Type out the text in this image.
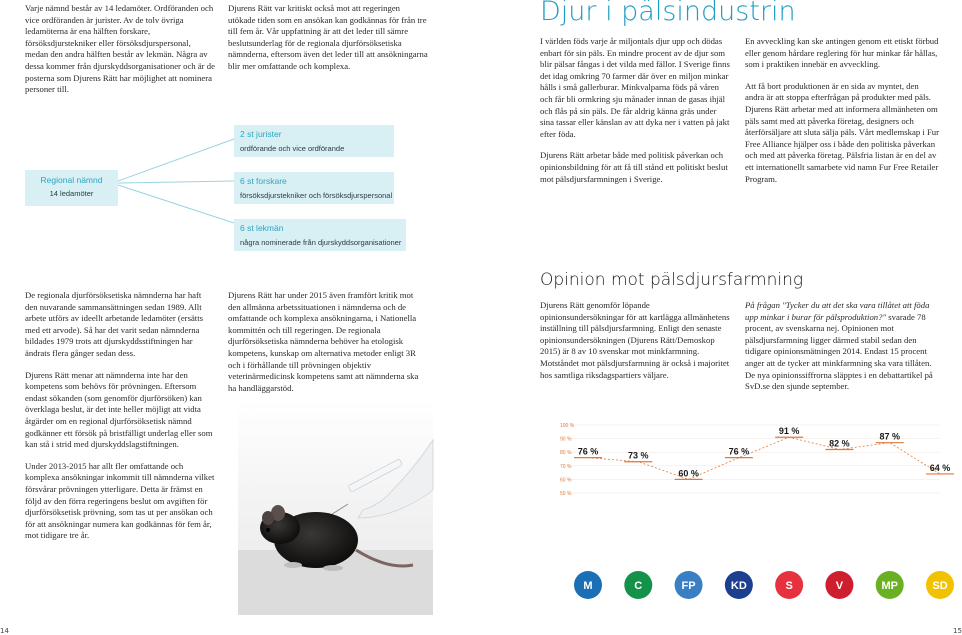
Varje nämnd består av 14 ledamöter. Ordföranden och vice ordföranden är jurister. Av de tolv övriga ledamöterna är ena hälften forskare, försöksdjurstekniker eller försöksdjurspersonal, medan den andra hälften består av lekmän. Några av dessa kommer från djurskyddsorganisationer och är de posterna som Djurens Rätt har möjlighet att nominera personer till.

Djurens Rätt var kritiskt också mot att regeringen utökade tiden som en ansökan kan godkännas för från tre till fem år. Vår uppfattning är att det leder till sämre beslutsunderlag för de regionala djurförsöksetiska nämnderna, eftersom även det leder till att ansökningarna blir mer omfattande och komplexa.

Regional nämnd
14 ledamöter
2 st jurister
ordförande och vice ordförande
6 st forskare
försöksdjurstekniker och försöksdjurspersonal
6 st lekmän
några nominerade från djurskyddsorganisationer

De regionala djurförsöksetiska nämnderna har haft den nuvarande sammansättningen sedan 1989. Allt arbete utförs av ideellt arbetande ledamöter (ersätts med ett arvode). Så har det varit sedan nämnderna bildades 1979 trots att djurskyddsstiftningen har ändrats flera gånger sedan dess.

Djurens Rätt menar att nämnderna inte har den kompetens som behövs för prövningen. Eftersom endast sökanden (som genomför djurförsöken) kan överklaga beslut, är det inte heller möjligt att vidta åtgärder om en regional djurförsöksetisk nämnd godkänner ett försök på bristfälligt underlag eller som kan stå i strid med djurskyddslagstiftningen.

Under 2013-2015 har allt fler omfattande och komplexa ansökningar inkommit till nämnderna vilket försvårar prövningen ytterligare. Detta är främst en följd av den förra regeringens beslut om avgiften för djurförsöksetisk prövning, som tas ut per ansökan och för att ansökningar numera kan godkännas för fem år, mot tidigare tre år.

Djurens Rätt har under 2015 även framfört kritik mot den allmänna arbetssituationen i nämnderna och de omfattande och komplexa ansökningarna, i Nationella kommittén och till regeringen. De regionala djurförsöksetiska nämnderna behöver ha etologisk kompetens, kunskap om alternativa metoder enligt 3R och i förhållande till prövningen objektiv veterinärmedicinsk kompetens samt att nämnderna ska ha handläggarstöd.

14
Djur i pälsindustrin

I världen föds varje år miljontals djur upp och dödas enbart för sin päls. En mindre procent av de djur som blir pälsar fångas i det vilda med fällor. I Sverige finns det idag omkring 70 farmer där över en miljon minkar hålls i små gallerburar. Minkvalparna föds på våren och får bli ormkring sju månader innan de gasas ihjäl och flås på sin päls. De får aldrig känna gräs under sina tassar eller känslan av att dyka ner i vatten på jakt efter föda.

Djurens Rätt arbetar både med politisk påverkan och opinionsbildning för att få till stånd ett politiskt beslut mot pälsdjursfarmningen i Sverige.

En avveckling kan ske antingen genom ett etiskt förbud eller genom hårdare reglering för hur minkar får hållas, som i praktiken innebär en avveckling.

Att få bort produktionen är en sida av myntet, den andra är att stoppa efterfrågan på produkter med päls. Djurens Rätt arbetar med att informera allmänheten om päls samt med att påverka företag, designers och återförsäljare att sluta sälja päls. Vårt medlemskap i Fur Free Alliance hjälper oss i både den politiska påverkan och med att påverka företag. Pälsfria listan är en del av ett internationellt samarbete vid namn Fur Free Retailer Program.

Opinion mot pälsdjursfarmning

Djurens Rätt genomför löpande opinionsundersökningar för att kartlägga allmänhetens inställning till pälsdjursfarmning. Enligt den senaste opinionsundersökningen (Djurens Rätt/Demoskop 2015) är 8 av 10 svenskar mot minkfarmning. Motståndet mot pälsdjursfarmning är också i majoritet hos samtliga riksdagspartiers väljare.

På frågan "Tycker du att det ska vara tillåtet att föda upp minkar i burar för pälsproduktion?" svarade 78 procent, av svenskarna nej. Opinionen mot pälsdjursfarmning ligger därmed stabil sedan den tidigare opinionsmätningen 2014. Endast 15 procent anger att de tycker att minkfarmning ska vara tillåten. De nya opinionssiffrorna släpptes i en debattartikel på SvD.se den sjunde september.

100 %
90 %
80 %
70 %
60 %
50 %
76 %	73 %
60 %
76 %
91 %
82 %
87 %
64 %
M	C	FP	KD	S	V	MP	SD
15
